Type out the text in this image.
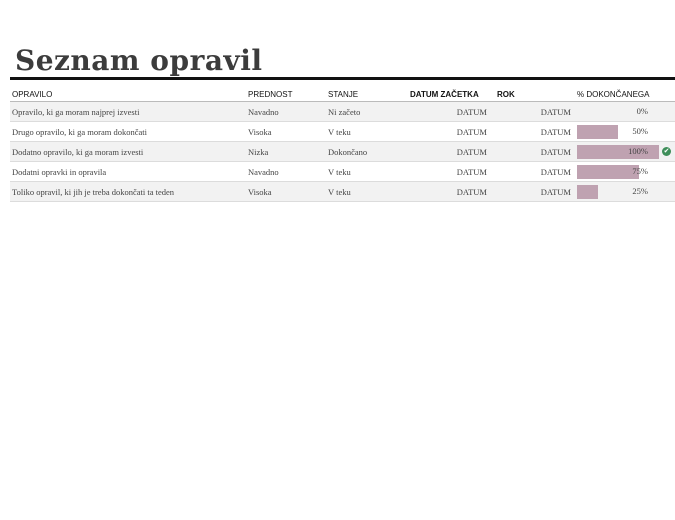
Seznam opravil
OPRAVILO	PREDNOST	STANJE	DATUM ZAČETKA	ROK	% DOKONČANEGA
Opravilo, ki ga moram najprej izvesti	Navadno	Ni začeto	DATUM	DATUM	0%

Drugo opravilo, ki ga moram dokončati	Visoka	V teku	DATUM	DATUM	50%

Dodatno opravilo, ki ga moram izvesti	Nizka	Dokončano	DATUM	DATUM	100% ✔

Dodatni opravki in opravila	Navadno	V teku	DATUM	DATUM	75%

Toliko opravil, ki jih je treba dokončati ta teden	Visoka	V teku	DATUM	DATUM	25%
